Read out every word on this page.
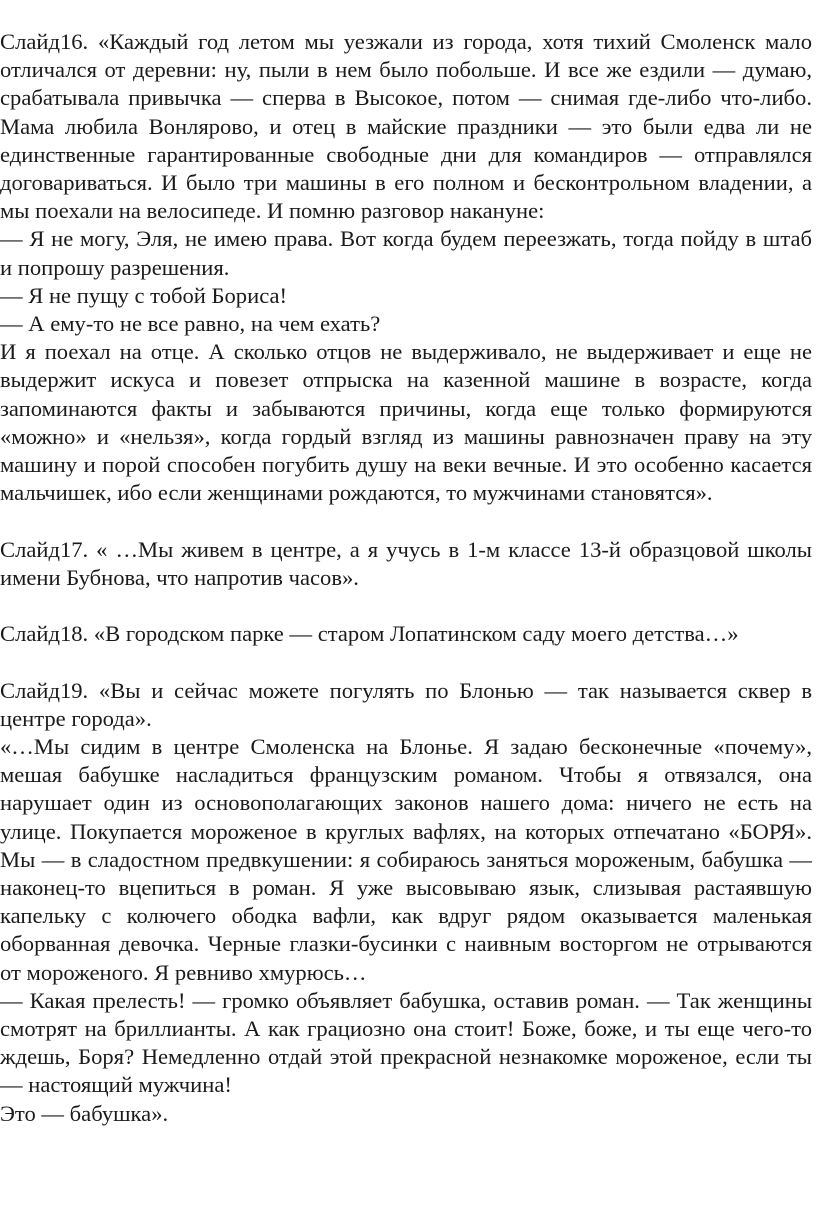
Слайд16. «Каждый год летом мы уезжали из города, хотя тихий Смоленск мало отличался от деревни: ну, пыли в нем было побольше. И все же ездили — думаю, срабатывала привычка — сперва в Высокое, потом — снимая где-либо что-либо. Мама любила Вонлярово, и отец в майские праздники — это были едва ли не единственные гарантированные свободные дни для командиров — отправлялся договариваться. И было три машины в его полном и бесконтрольном владении, а мы поехали на велосипеде. И помню разговор накануне:

— Я не могу, Эля, не имею права. Вот когда будем переезжать, тогда пойду в штаб и попрошу разрешения.

— Я не пущу с тобой Бориса!

— А ему-то не все равно, на чем ехать?

И я поехал на отце. А сколько отцов не выдерживало, не выдерживает и еще не выдержит искуса и повезет отпрыска на казенной машине в возрасте, когда запоминаются факты и забываются причины, когда еще только формируются «можно» и «нельзя», когда гордый взгляд из машины равнозначен праву на эту машину и порой способен погубить душу на веки вечные. И это особенно касается мальчишек, ибо если женщинами рождаются, то мужчинами становятся».

Слайд17. « …Мы живем в центре, а я учусь в 1-м классе 13-й образцовой школы имени Бубнова, что напротив часов».

Слайд18. «В городском парке — старом Лопатинском саду моего детства…»

Слайд19. «Вы и сейчас можете погулять по Блонью — так называется сквер в центре города».

«…Мы сидим в центре Смоленска на Блонье. Я задаю бесконечные «почему», мешая бабушке насладиться французским романом. Чтобы я отвязался, она нарушает один из основополагающих законов нашего дома: ничего не есть на улице. Покупается мороженое в круглых вафлях, на которых отпечатано «БОРЯ». Мы — в сладостном предвкушении: я собираюсь заняться мороженым, бабушка — наконец-то вцепиться в роман. Я уже высовываю язык, слизывая растаявшую капельку с колючего ободка вафли, как вдруг рядом оказывается маленькая оборванная девочка. Черные глазки-бусинки с наивным восторгом не отрываются от мороженого. Я ревниво хмурюсь…

— Какая прелесть! — громко объявляет бабушка, оставив роман. — Так женщины смотрят на бриллианты. А как грациозно она стоит! Боже, боже, и ты еще чего-то ждешь, Боря? Немедленно отдай этой прекрасной незнакомке мороженое, если ты — настоящий мужчина!

Это — бабушка».
